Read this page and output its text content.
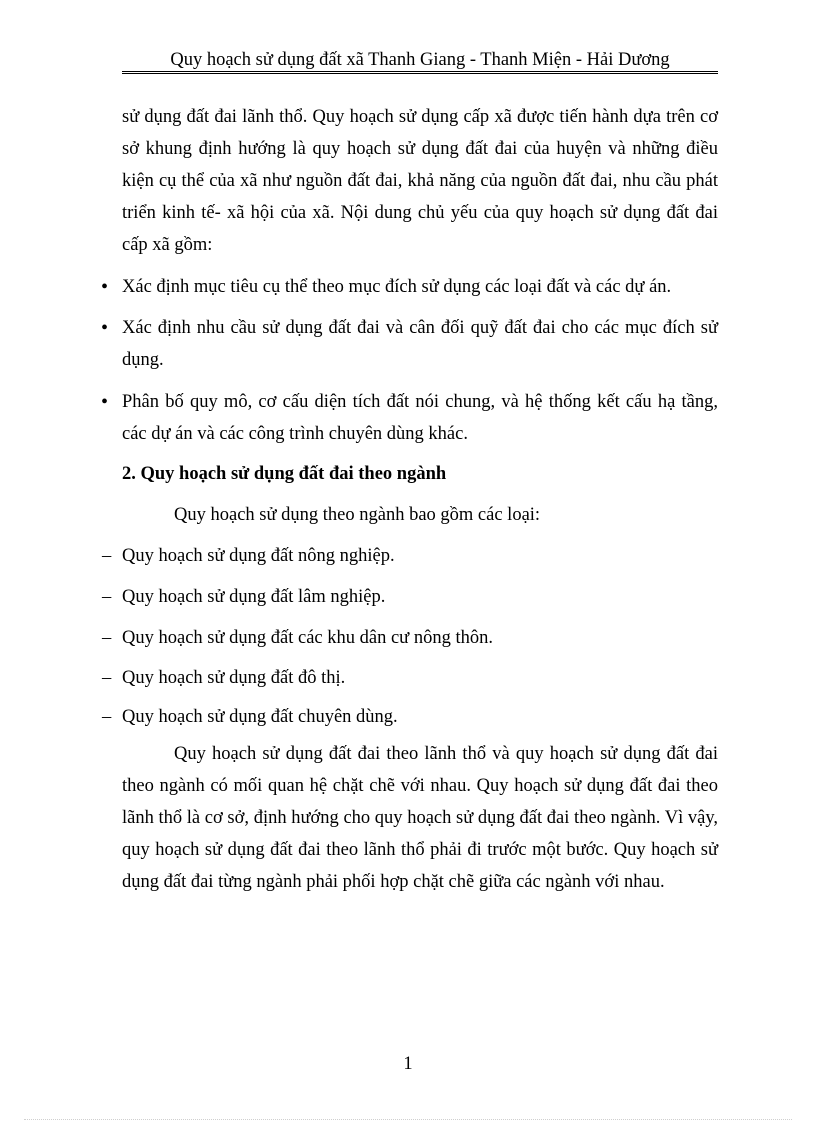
Quy hoạch sử dụng đất xã Thanh Giang - Thanh Miện - Hải Dương
sử dụng đất đai lãnh thổ. Quy hoạch sử dụng cấp xã được tiến hành dựa trên cơ sở khung định hướng là quy hoạch sử dụng đất đai của huyện và những điều kiện cụ thể của xã như nguồn đất đai, khả năng của nguồn đất đai, nhu cầu phát triển kinh tế- xã hội của xã. Nội dung chủ yếu của quy hoạch sử dụng đất đai cấp xã gồm:
• Xác định mục tiêu cụ thể theo mục đích sử dụng các loại đất và các dự án.
• Xác định nhu cầu sử dụng đất đai và cân đối quỹ đất đai cho các mục đích sử dụng.
• Phân bố quy mô, cơ cấu diện tích đất nói chung, và hệ thống kết cấu hạ tầng, các dự án và các công trình chuyên dùng khác.
2. Quy hoạch sử dụng đất đai theo ngành
Quy hoạch sử dụng theo ngành bao gồm các loại:
– Quy hoạch sử dụng đất nông nghiệp.
– Quy hoạch sử dụng đất lâm nghiệp.
– Quy hoạch sử dụng đất các khu dân cư nông thôn.
– Quy hoạch sử dụng đất đô thị.
– Quy hoạch sử dụng đất chuyên dùng.
Quy hoạch sử dụng đất đai theo lãnh thổ và quy hoạch sử dụng đất đai theo ngành có mối quan hệ chặt chẽ với nhau. Quy hoạch sử dụng đất đai theo lãnh thổ là cơ sở, định hướng cho quy hoạch sử dụng đất đai theo ngành. Vì vậy, quy hoạch sử dụng đất đai theo lãnh thổ phải đi trước một bước. Quy hoạch sử dụng đất đai từng ngành phải phối hợp chặt chẽ giữa các ngành với nhau.
1
